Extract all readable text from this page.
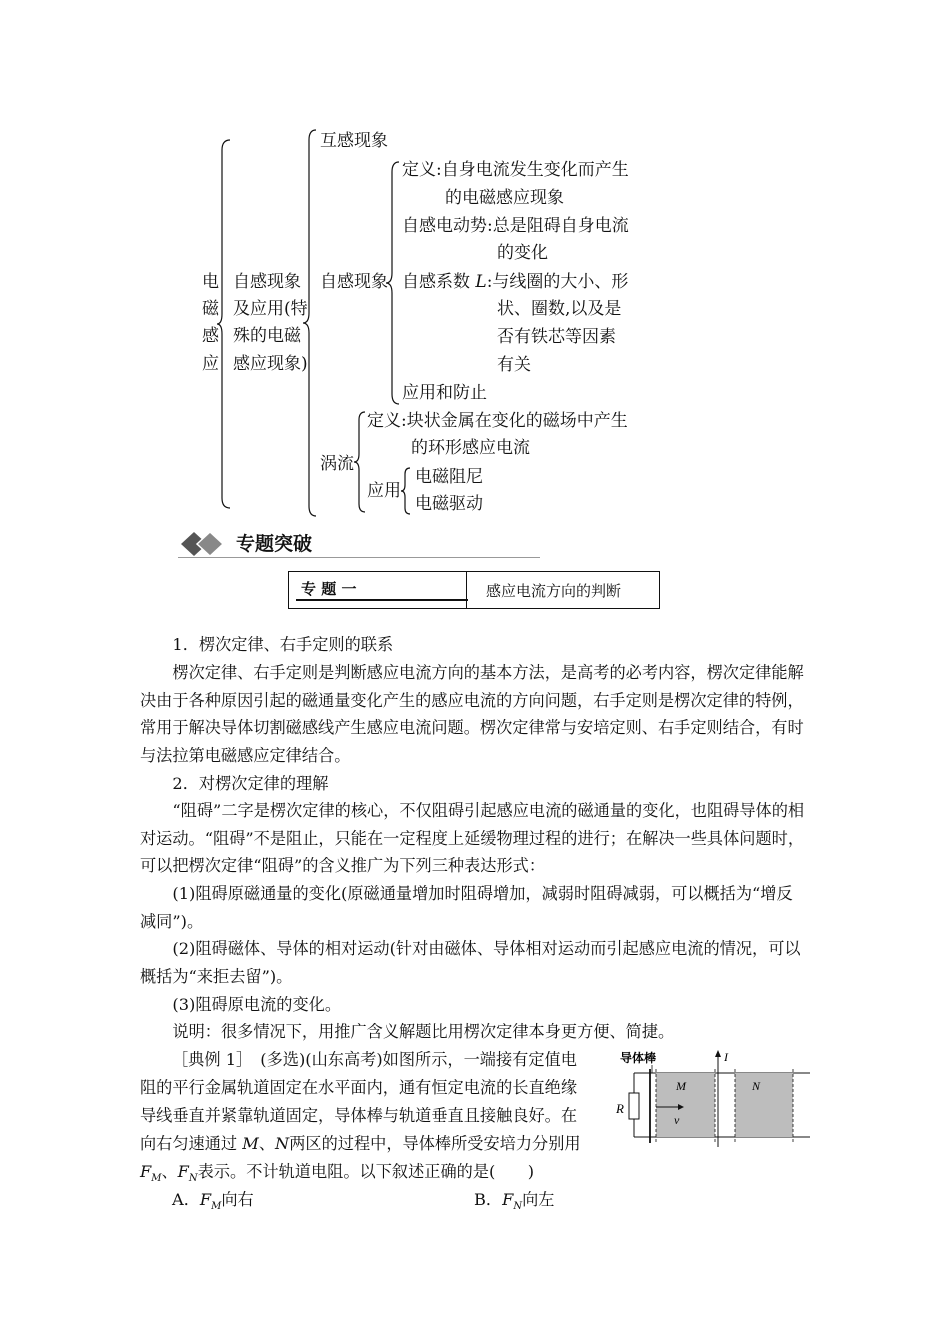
电
磁
感
应
自感现象
及应用(特
殊的电磁
感应现象)
互感现象
自感现象
定义:自身电流发生变化而产生
的电磁感应现象
自感电动势:总是阻碍自身电流
的变化
自感系数 L:与线圈的大小、形
状、圈数,以及是
否有铁芯等因素
有关
应用和防止
涡流
定义:块状金属在变化的磁场中产生
的环形感应电流
应用
电磁阻尼
电磁驱动
专题突破
专 题 一	感应电流方向的判断
1．楞次定律、右手定则的联系
楞次定律、右手定则是判断感应电流方向的基本方法，是高考的必考内容，楞次定律能解决由于各种原因引起的磁通量变化产生的感应电流的方向问题，右手定则是楞次定律的特例，常用于解决导体切割磁感线产生感应电流问题。楞次定律常与安培定则、右手定则结合，有时与法拉第电磁感应定律结合。
2．对楞次定律的理解
“阻碍”二字是楞次定律的核心，不仅阻碍引起感应电流的磁通量的变化，也阻碍导体的相对运动。“阻碍”不是阻止，只能在一定程度上延缓物理过程的进行；在解决一些具体问题时，可以把楞次定律“阻碍”的含义推广为下列三种表达形式：
(1)阻碍原磁通量的变化(原磁通量增加时阻碍增加，减弱时阻碍减弱，可以概括为“增反减同”)。
(2)阻碍磁体、导体的相对运动(针对由磁体、导体相对运动而引起感应电流的情况，可以概括为“来拒去留”)。
(3)阻碍原电流的变化。
说明：很多情况下，用推广含义解题比用楞次定律本身更方便、简捷。
［典例 1］　(多选)(山东高考)如图所示，一端接有定值电
阻的平行金属轨道固定在水平面内，通有恒定电流的长直绝缘
导线垂直并紧靠轨道固定，导体棒与轨道垂直且接触良好。在
向右匀速通过 M、N两区的过程中，导体棒所受安培力分别用
$F_M$、$F_N$表示。不计轨道电阻。以下叙述正确的是(　　)
A．$F_M$向右	B．$F_N$向左
R
M	N
导体棒
v
I
